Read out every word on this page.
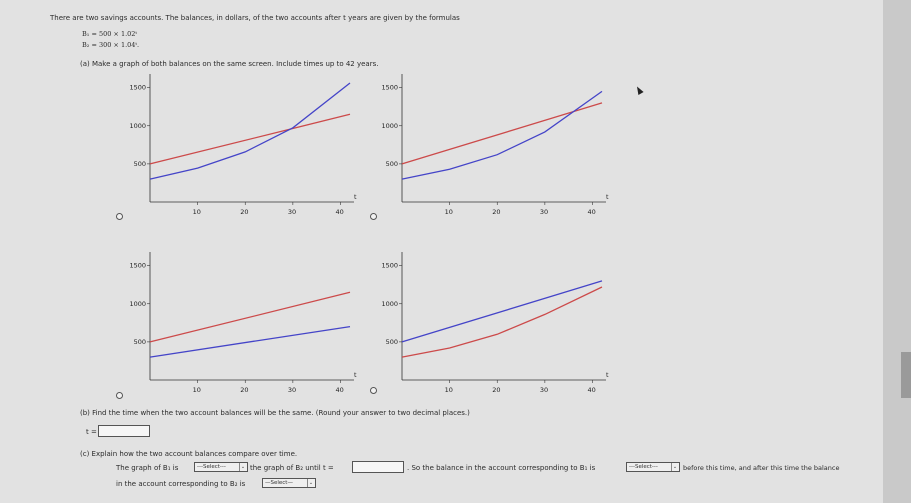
There are two savings accounts. The balances, in dollars, of the two accounts after t years are given by the formulas
B₁ = 500 × 1.02ᵗ
B₂ = 300 × 1.04ᵗ.
(a) Make a graph of both balances on the same screen. Include times up to 42 years.
t
10	20	30	40
500
1000
1500
t
10	20	30	40
500
1000
1500
t
10	20	30	40
500
1000
1500
t
10	20	30	40
500
1000
1500
(b) Find the time when the two account balances will be the same. (Round your answer to two decimal places.)
t =
(c) Explain how the two account balances compare over time.
The graph of B₁ is	---Select---	⌄ the graph of B₂ until t =	. So the balance in the account corresponding to B₁ is	---Select---	⌄ before this time, and after this time the balance
in the account corresponding to B₂ is	—Select—	⌄
